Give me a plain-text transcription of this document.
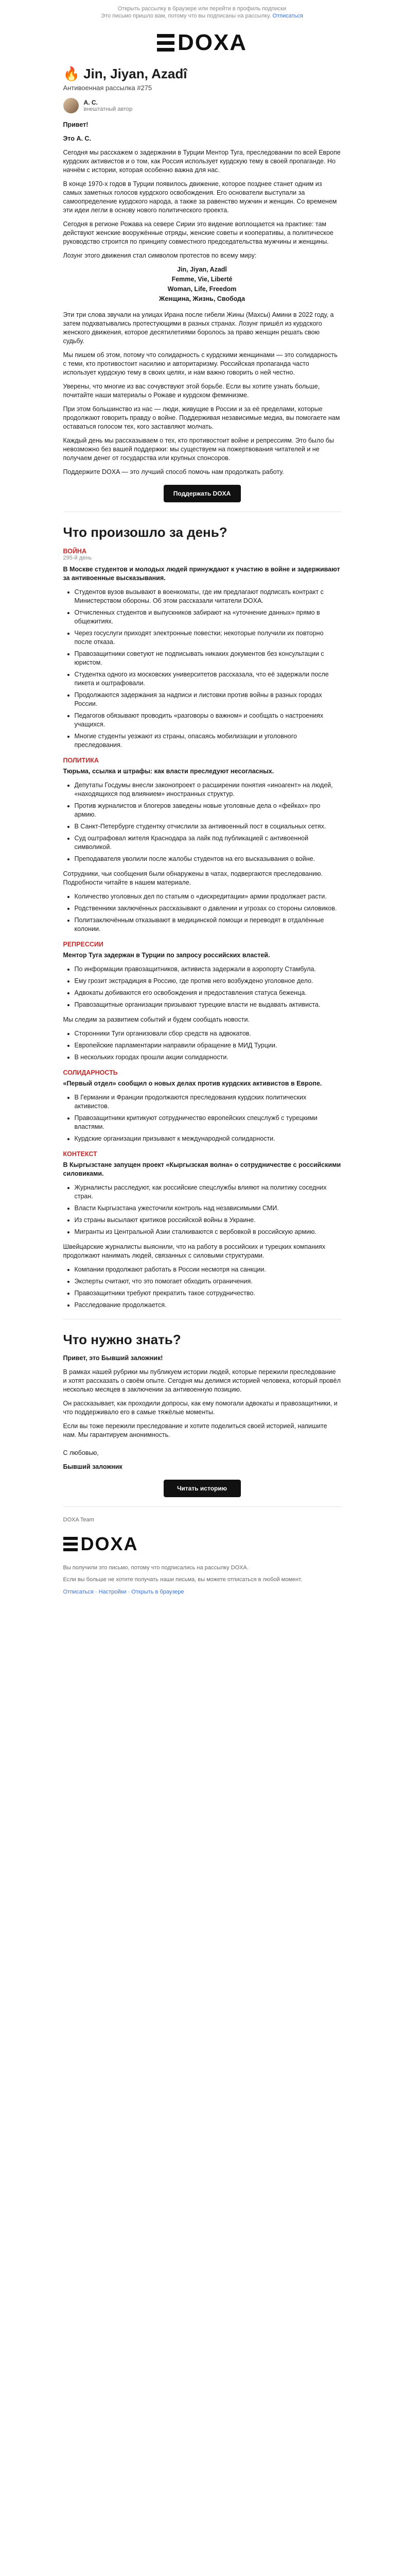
Открыть рассылку в браузере или перейти в профиль подписки
Это письмо пришло вам, потому что вы подписаны на рассылку. Отписаться
DOXA
🔥 Jin, Jiyan, Azadî
Антивоенная рассылка #275
А. С.
внештатный автор

Привет!

Это А. С.

Сегодня мы расскажем о задержании в Турции Ментор Туга, преследовании по всей Европе курдских активистов и о том, как Россия использует курдскую тему в своей пропаганде. Но начнём с истории, которая особенно важна для нас.

В конце 1970-х годов в Турции появилось движение, которое позднее станет одним из самых заметных голосов курдского освобождения. Его основатели выступали за самоопределение курдского народа, а также за равенство мужчин и женщин. Со временем эти идеи легли в основу нового политического проекта.

Сегодня в регионе Рожава на севере Сирии это видение воплощается на практике: там действуют женские вооружённые отряды, женские советы и кооперативы, а политическое руководство строится по принципу совместного председательства мужчины и женщины.

Лозунг этого движения стал символом протестов по всему миру:

Jin, Jiyan, Azadî

Femme, Vie, Liberté

Woman, Life, Freedom

Женщина, Жизнь, Свобода

Эти три слова звучали на улицах Ирана после гибели Жины (Махсы) Амини в 2022 году, а затем подхватывались протестующими в разных странах. Лозунг пришёл из курдского женского движения, которое десятилетиями боролось за право женщин решать свою судьбу.

Мы пишем об этом, потому что солидарность с курдскими женщинами — это солидарность с теми, кто противостоит насилию и авторитаризму. Российская пропаганда часто использует курдскую тему в своих целях, и нам важно говорить о ней честно.

Уверены, что многие из вас сочувствуют этой борьбе. Если вы хотите узнать больше, почитайте наши материалы о Рожаве и курдском феминизме.

При этом большинство из нас — люди, живущие в России и за её пределами, которые продолжают говорить правду о войне. Поддерживая независимые медиа, вы помогаете нам оставаться голосом тех, кого заставляют молчать.

Каждый день мы рассказываем о тех, кто противостоит войне и репрессиям. Это было бы невозможно без вашей поддержки: мы существуем на пожертвования читателей и не получаем денег от государства или крупных спонсоров.

Поддержите DOXA — это лучший способ помочь нам продолжать работу.

Поддержать DOXA
Что произошло за день?
ВОЙНА
295-й день

В Москве студентов и молодых людей принуждают к участию в войне и задерживают за антивоенные высказывания.

• Студентов вузов вызывают в военкоматы, где им предлагают подписать контракт с Министерством обороны. Об этом рассказали читатели DOXA.
• Отчисленных студентов и выпускников забирают на «уточнение данных» прямо в общежитиях.
• Через госуслуги приходят электронные повестки; некоторые получили их повторно после отказа.
• Правозащитники советуют не подписывать никаких документов без консультации с юристом.
• Студентка одного из московских университетов рассказала, что её задержали после пикета и оштрафовали.
• Продолжаются задержания за надписи и листовки против войны в разных городах России.
• Педагогов обязывают проводить «разговоры о важном» и сообщать о настроениях учащихся.
• Многие студенты уезжают из страны, опасаясь мобилизации и уголовного преследования.
ПОЛИТИКА

Тюрьма, ссылка и штрафы: как власти преследуют несогласных.

• Депутаты Госдумы внесли законопроект о расширении понятия «иноагент» на людей, «находящихся под влиянием» иностранных структур.
• Против журналистов и блогеров заведены новые уголовные дела о «фейках» про армию.
• В Санкт-Петербурге студентку отчислили за антивоенный пост в социальных сетях.
• Суд оштрафовал жителя Краснодара за лайк под публикацией с антивоенной символикой.
• Преподавателя уволили после жалобы студентов на его высказывания о войне.

Сотрудники, чьи сообщения были обнаружены в чатах, подвергаются преследованию. Подробности читайте в нашем материале.

• Количество уголовных дел по статьям о «дискредитации» армии продолжает расти.
• Родственники заключённых рассказывают о давлении и угрозах со стороны силовиков.
• Политзаключённым отказывают в медицинской помощи и переводят в отдалённые колонии.
РЕПРЕССИИ

Ментор Туга задержан в Турции по запросу российских властей.

• По информации правозащитников, активиста задержали в аэропорту Стамбула.
• Ему грозит экстрадиция в Россию, где против него возбуждено уголовное дело.
• Адвокаты добиваются его освобождения и предоставления статуса беженца.
• Правозащитные организации призывают турецкие власти не выдавать активиста.

Мы следим за развитием событий и будем сообщать новости.

• Сторонники Туги организовали сбор средств на адвокатов.
• Европейские парламентарии направили обращение в МИД Турции.
• В нескольких городах прошли акции солидарности.
СОЛИДАРНОСТЬ

«Первый отдел» сообщил о новых делах против курдских активистов в Европе.

• В Германии и Франции продолжаются преследования курдских политических активистов.
• Правозащитники критикуют сотрудничество европейских спецслужб с турецкими властями.
• Курдские организации призывают к международной солидарности.
КОНТЕКСТ

В Кыргызстане запущен проект «Кыргызская волна» о сотрудничестве с российскими силовиками.

• Журналисты расследуют, как российские спецслужбы влияют на политику соседних стран.
• Власти Кыргызстана ужесточили контроль над независимыми СМИ.
• Из страны высылают критиков российской войны в Украине.
• Мигранты из Центральной Азии сталкиваются с вербовкой в российскую армию.

Швейцарские журналисты выяснили, что на работу в российских и турецких компаниях продолжают нанимать людей, связанных с силовыми структурами.

• Компании продолжают работать в России несмотря на санкции.
• Эксперты считают, что это помогает обходить ограничения.
• Правозащитники требуют прекратить такое сотрудничество.
• Расследование продолжается.
Что нужно знать?

Привет, это Бывший заложник!

В рамках нашей рубрики мы публикуем истории людей, которые пережили преследование и хотят рассказать о своём опыте. Сегодня мы делимся историей человека, который провёл несколько месяцев в заключении за антивоенную позицию.

Он рассказывает, как проходили допросы, как ему помогали адвокаты и правозащитники, и что поддерживало его в самые тяжёлые моменты.

Если вы тоже пережили преследование и хотите поделиться своей историей, напишите нам. Мы гарантируем анонимность.

С любовью,

Бывший заложник

Читать историю

DOXA Team

DOXA

Вы получили это письмо, потому что подписались на рассылку DOXA.

Если вы больше не хотите получать наши письма, вы можете отписаться в любой момент.

Отписаться · Настройки · Открыть в браузере
